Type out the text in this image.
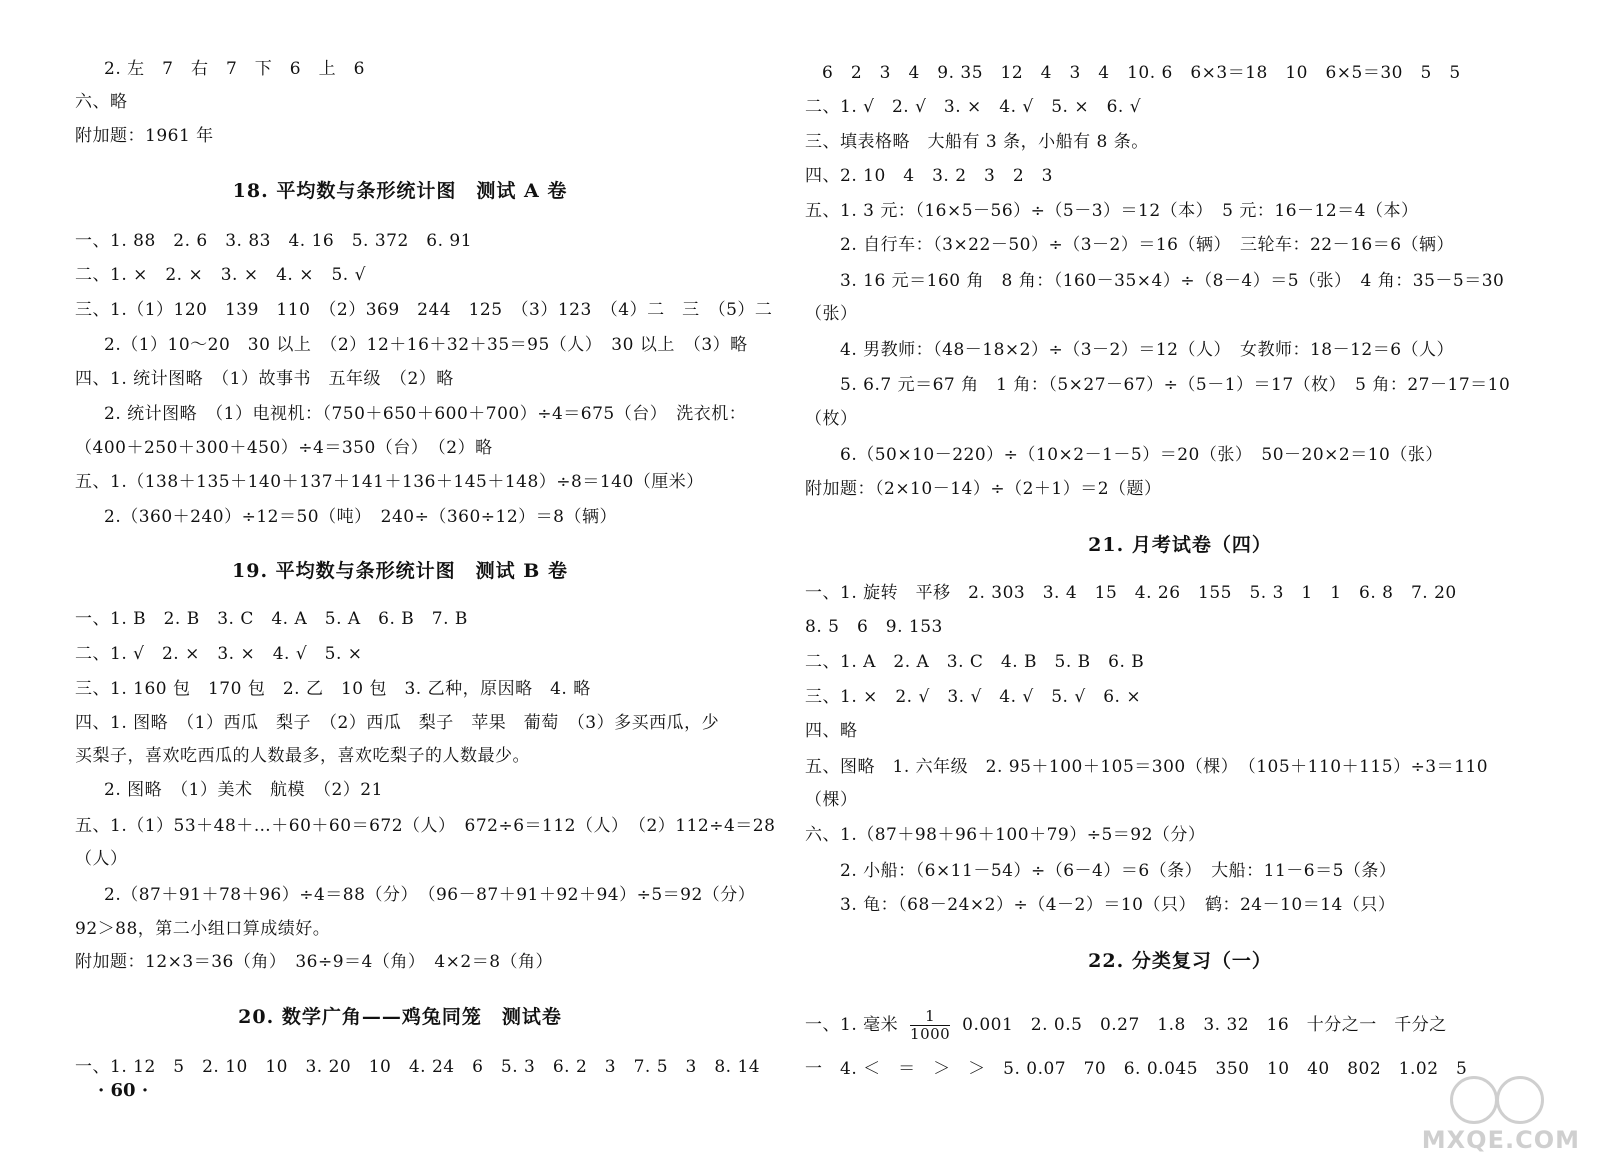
2. 左　7　右　7　下　6　上　6
六、略
附加题：1961 年
18. 平均数与条形统计图　测试 A 卷
一、1. 88　2. 6　3. 83　4. 16　5. 372　6. 91
二、1. ×　2. ×　3. ×　4. ×　5. √
三、1.（1）120　139　110　（2）369　244　125　（3）123　（4）二　三　（5）二
2.（1）10～20　30 以上　（2）12＋16＋32＋35＝95（人）　30 以上　（3）略
四、1. 统计图略　（1）故事书　五年级　（2）略
2. 统计图略　（1）电视机：（750＋650＋600＋700）÷4＝675（台）　洗衣机：
（400＋250＋300＋450）÷4＝350（台）　（2）略
五、1.（138＋135＋140＋137＋141＋136＋145＋148）÷8＝140（厘米）
2.（360＋240）÷12＝50（吨）　240÷（360÷12）＝8（辆）
19. 平均数与条形统计图　测试 B 卷
一、1. B　2. B　3. C　4. A　5. A　6. B　7. B
二、1. √　2. ×　3. ×　4. √　5. ×
三、1. 160 包　170 包　2. 乙　10 包　3. 乙种，原因略　4. 略
四、1. 图略　（1）西瓜　梨子　（2）西瓜　梨子　苹果　葡萄　（3）多买西瓜，少
买梨子，喜欢吃西瓜的人数最多，喜欢吃梨子的人数最少。
2. 图略　（1）美术　航模　（2）21
五、1.（1）53＋48＋…＋60＋60＝672（人）　672÷6＝112（人）　（2）112÷4＝28
（人）
2.（87＋91＋78＋96）÷4＝88（分）　（96－87＋91＋92＋94）÷5＝92（分）
92＞88，第二小组口算成绩好。
附加题：12×3＝36（角）　36÷9＝4（角）　4×2＝8（角）
20. 数学广角——鸡兔同笼　测试卷
一、1. 12　5　2. 10　10　3. 20　10　4. 24　6　5. 3　6. 2　3　7. 5　3　8. 14
· 60 ·
6　2　3　4　9. 35　12　4　3　4　10. 6　6×3＝18　10　6×5＝30　5　5
二、1. √　2. √　3. ×　4. √　5. ×　6. √
三、填表格略　大船有 3 条，小船有 8 条。
四、2. 10　4　3. 2　3　2　3
五、1. 3 元：（16×5－56）÷（5－3）＝12（本）　5 元：16－12＝4（本）
2. 自行车：（3×22－50）÷（3－2）＝16（辆）　三轮车：22－16＝6（辆）
3. 16 元＝160 角　8 角：（160－35×4）÷（8－4）＝5（张）　4 角：35－5＝30
（张）
4. 男教师：（48－18×2）÷（3－2）＝12（人）　女教师：18－12＝6（人）
5. 6.7 元＝67 角　1 角：（5×27－67）÷（5－1）＝17（枚）　5 角：27－17＝10
（枚）
6.（50×10－220）÷（10×2－1－5）＝20（张）　50－20×2＝10（张）
附加题：（2×10－14）÷（2＋1）＝2（题）
21. 月考试卷（四）
一、1. 旋转　平移　2. 303　3. 4　15　4. 26　155　5. 3　1　1　6. 8　7. 20
8. 5　6　9. 153
二、1. A　2. A　3. C　4. B　5. B　6. B
三、1. ×　2. √　3. √　4. √　5. √　6. ×
四、略
五、图略　1. 六年级　2. 95＋100＋105＝300（棵）　（105＋110＋115）÷3＝110
（棵）
六、1.（87＋98＋96＋100＋79）÷5＝92（分）
2. 小船：（6×11－54）÷（6－4）＝6（条）　大船：11－6＝5（条）
3. 龟：（68－24×2）÷（4－2）＝10（只）　鹤：24－10＝14（只）
22. 分类复习（一）
一、1. 毫米 $\frac{1}{1000} 0.001$　2. 0.5　0.27　1.8　3. 32　16　十分之一　千分之
一　4. ＜　＝　＞　＞　5. 0.07　70　6. 0.045　350　10　40　802　1.02　5
MXQE.COM
